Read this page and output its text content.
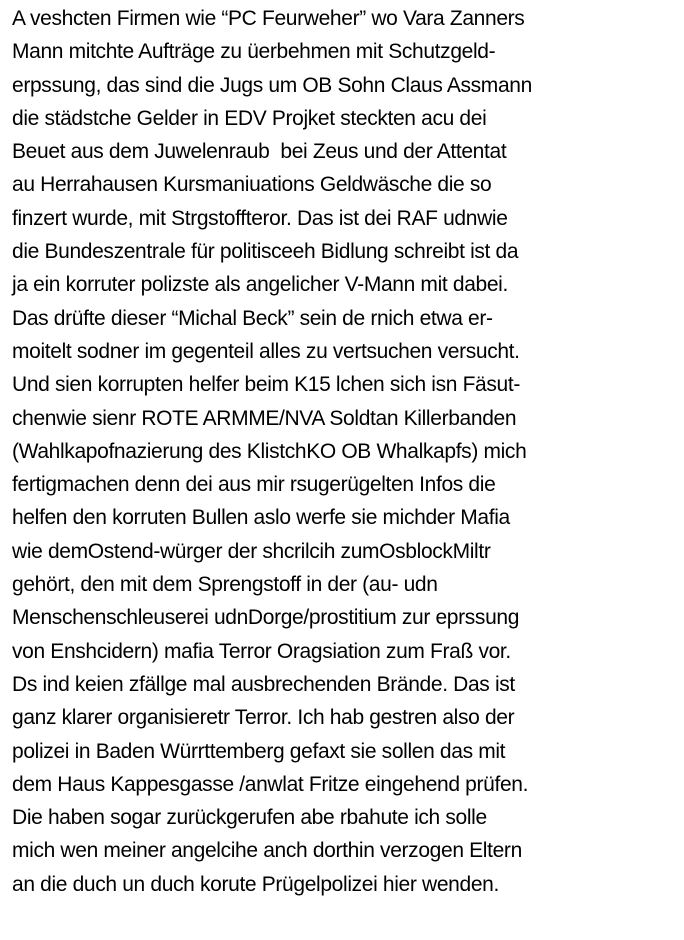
A veshcten Firmen wie “PC Feurweher” wo Vara Zanners
Mann mitchte Aufträge zu üerbehmen mit Schutzgeld-
erpssung, das sind die Jugs um OB Sohn Claus Assmann
die städstche Gelder in EDV Projket steckten acu dei
Beuet aus dem Juwelenraub  bei Zeus und der Attentat
au Herrahausen Kursmaniuations Geldwäsche die so
finzert wurde, mit Strgstoffteror. Das ist dei RAF udnwie
die Bundeszentrale für politisceeh Bidlung schreibt ist da
ja ein korruter polizste als angelicher V-Mann mit dabei.
Das drüfte dieser “Michal Beck” sein de rnich etwa er-
moitelt sodner im gegenteil alles zu vertsuchen versucht.
Und sien korrupten helfer beim K15 lchen sich isn Fäsut-
chenwie sienr ROTE ARMME/NVA Soldtan Killerbanden
(Wahlkapofnazierung des KlistchKO OB Whalkapfs) mich
fertigmachen denn dei aus mir rsugerügelten Infos die
helfen den korruten Bullen aslo werfe sie michder Mafia
wie demOstend-würger der shcrilcih zumOsblockMiltr
gehört, den mit dem Sprengstoff in der (au- udn
Menschenschleuserei udnDorge/prostitium zur eprssung
von Enshcidern) mafia Terror Oragsiation zum Fraß vor.
Ds ind keien zfällge mal ausbrechenden Brände. Das ist
ganz klarer organisieretr Terror. Ich hab gestren also der
polizei in Baden Würrttemberg gefaxt sie sollen das mit
dem Haus Kappesgasse /anwlat Fritze eingehend prüfen.
Die haben sogar zurückgerufen abe rbahute ich solle
mich wen meiner angelcihe anch dorthin verzogen Eltern
an die duch un duch korute Prügelpolizei hier wenden.
